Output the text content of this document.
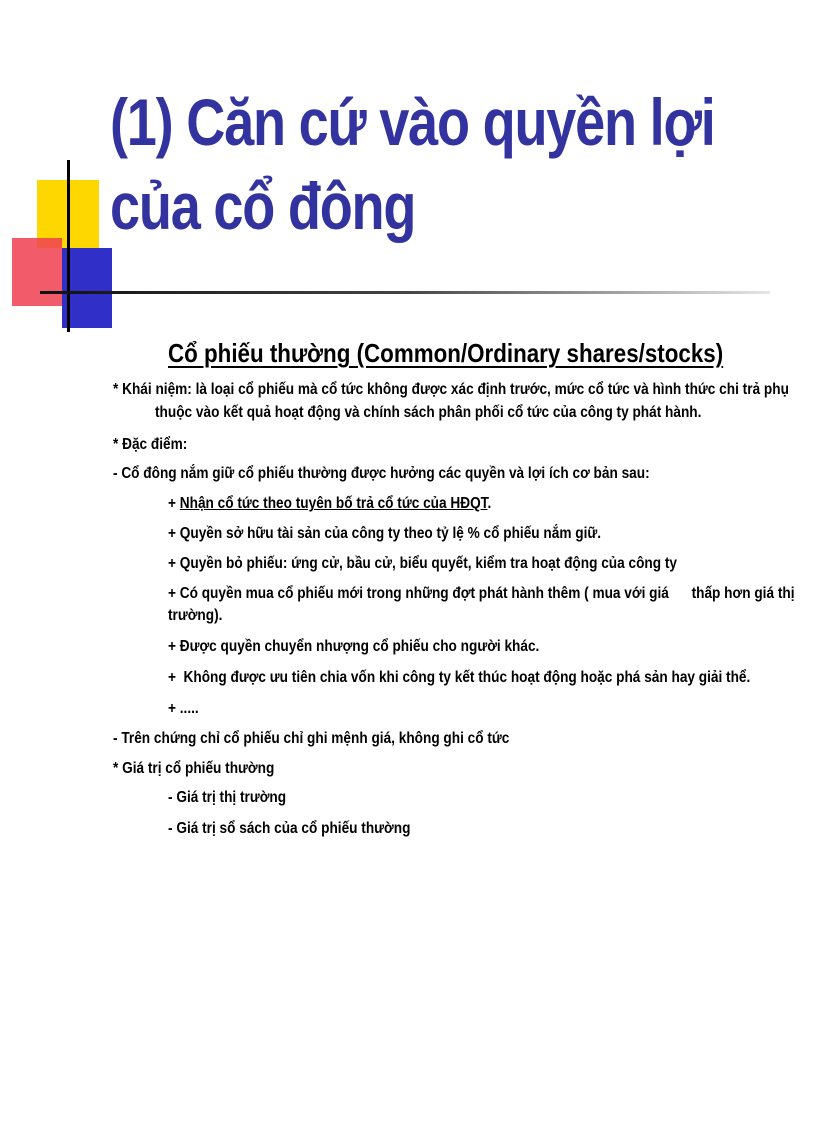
(1) Căn cứ vào quyền lợi của cổ đông
Cổ phiếu thường (Common/Ordinary shares/stocks)
* Khái niệm: là loại cổ phiếu mà cổ tức không được xác định trước, mức cổ tức và hình thức chi trả phụ
thuộc vào kết quả hoạt động và chính sách phân phối cổ tức của công ty phát hành.
* Đặc điểm:
- Cổ đông nắm giữ cổ phiếu thường được hưởng các quyền và lợi ích cơ bản sau:
+ Nhận cổ tức theo tuyên bố trả cổ tức của HĐQT.
+ Quyền sở hữu tài sản của công ty theo tỷ lệ % cổ phiếu nắm giữ.
+ Quyền bỏ phiếu: ứng cử, bầu cử, biểu quyết, kiểm tra hoạt động của công ty
+ Có quyền mua cổ phiếu mới trong những đợt phát hành thêm ( mua với giá      thấp hơn giá thị
trường).
+ Được quyền chuyển nhượng cổ phiếu cho người khác.
+  Không được ưu tiên chia vốn khi công ty kết thúc hoạt động hoặc phá sản hay giải thể.
+ .....
- Trên chứng chỉ cổ phiếu chỉ ghi mệnh giá, không ghi cổ tức
* Giá trị cổ phiếu thường
- Giá trị thị trường
- Giá trị sổ sách của cổ phiếu thường
